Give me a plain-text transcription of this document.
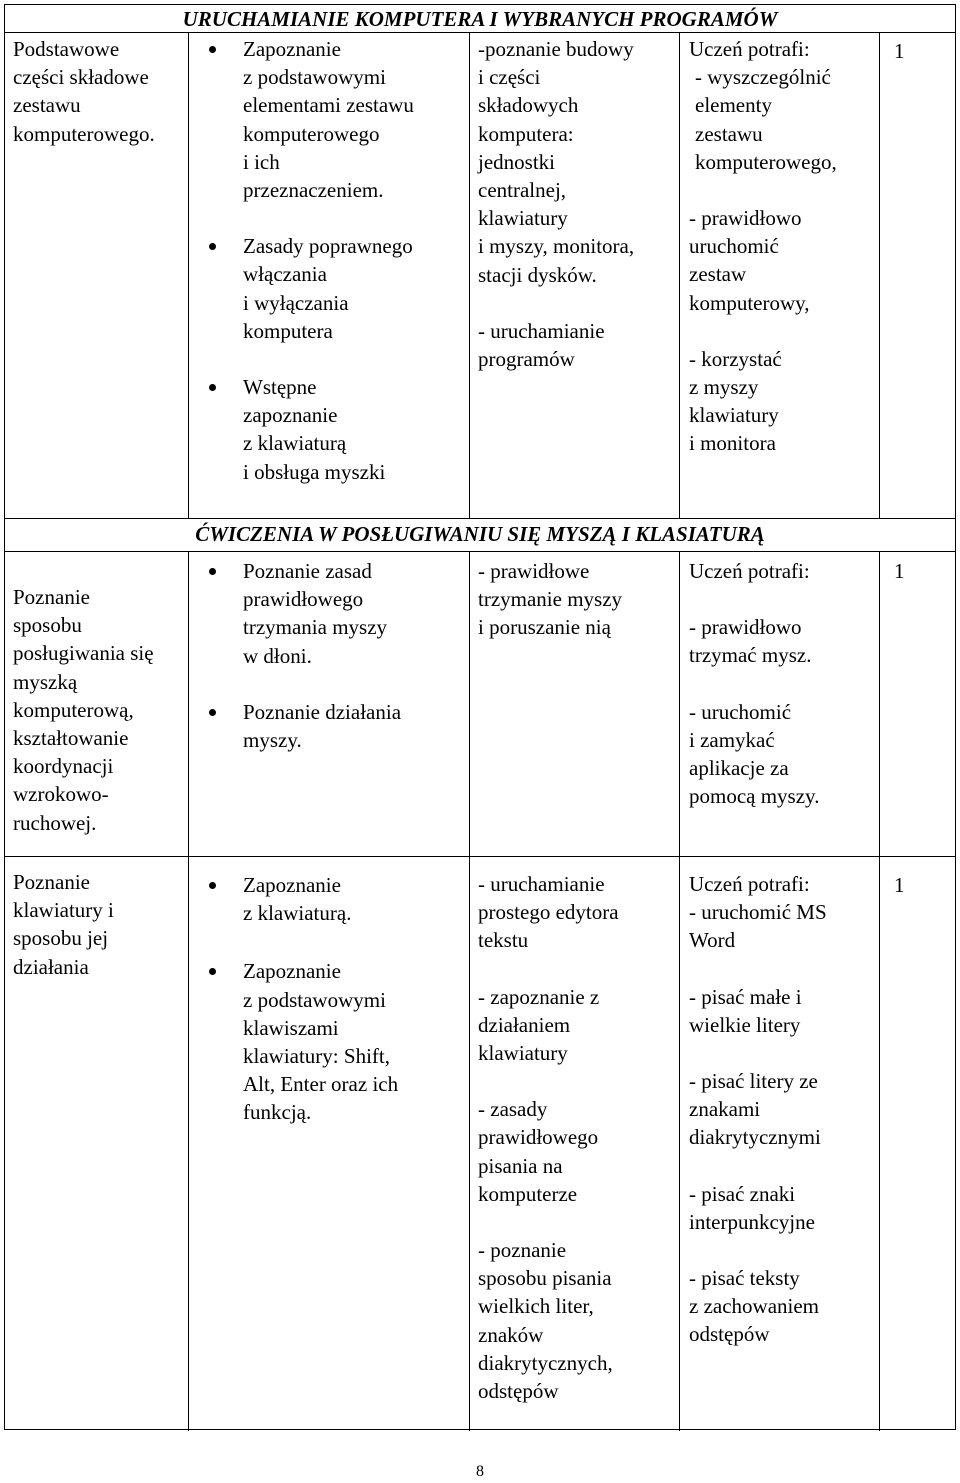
URUCHAMIANIE KOMPUTERA I WYBRANYCH PROGRAMÓW
Podstawowe
części składowe
zestawu
komputerowego.
Zapoznanie
z podstawowymi
elementami zestawu
komputerowego
i ich
przeznaczeniem.
Zasady poprawnego
włączania
i wyłączania
komputera
Wstępne
zapoznanie
z klawiaturą
i obsługa myszki
-poznanie budowy
i części
składowych
komputera:
jednostki
centralnej,
klawiatury
i myszy, monitora,
stacji dysków.
- uruchamianie
programów
Uczeń potrafi:
- wyszczególnić
elementy
zestawu
komputerowego,
- prawidłowo
uruchomić
zestaw
komputerowy,
- korzystać
z myszy
klawiatury
i monitora
1
ĆWICZENIA W POSŁUGIWANIU SIĘ MYSZĄ I KLASIATURĄ
Poznanie
sposobu
posługiwania się
myszką
komputerową,
kształtowanie
koordynacji
wzrokowo-
ruchowej.
Poznanie zasad
prawidłowego
trzymania myszy
w dłoni.
Poznanie działania
myszy.
- prawidłowe
trzymanie myszy
i poruszanie nią
Uczeń potrafi:
- prawidłowo
trzymać mysz.
- uruchomić
i zamykać
aplikacje za
pomocą myszy.
1
Poznanie
klawiatury i
sposobu jej
działania
Zapoznanie
z klawiaturą.
Zapoznanie
z podstawowymi
klawiszami
klawiatury: Shift,
Alt, Enter oraz ich
funkcją.
- uruchamianie
prostego edytora
tekstu
- zapoznanie z
działaniem
klawiatury
- zasady
prawidłowego
pisania na
komputerze
- poznanie
sposobu pisania
wielkich liter,
znaków
diakrytycznych,
odstępów
Uczeń potrafi:
- uruchomić MS
Word
- pisać małe i
wielkie litery
- pisać litery ze
znakami
diakrytycznymi
- pisać znaki
interpunkcyjne
- pisać teksty
z zachowaniem
odstępów
1
8
